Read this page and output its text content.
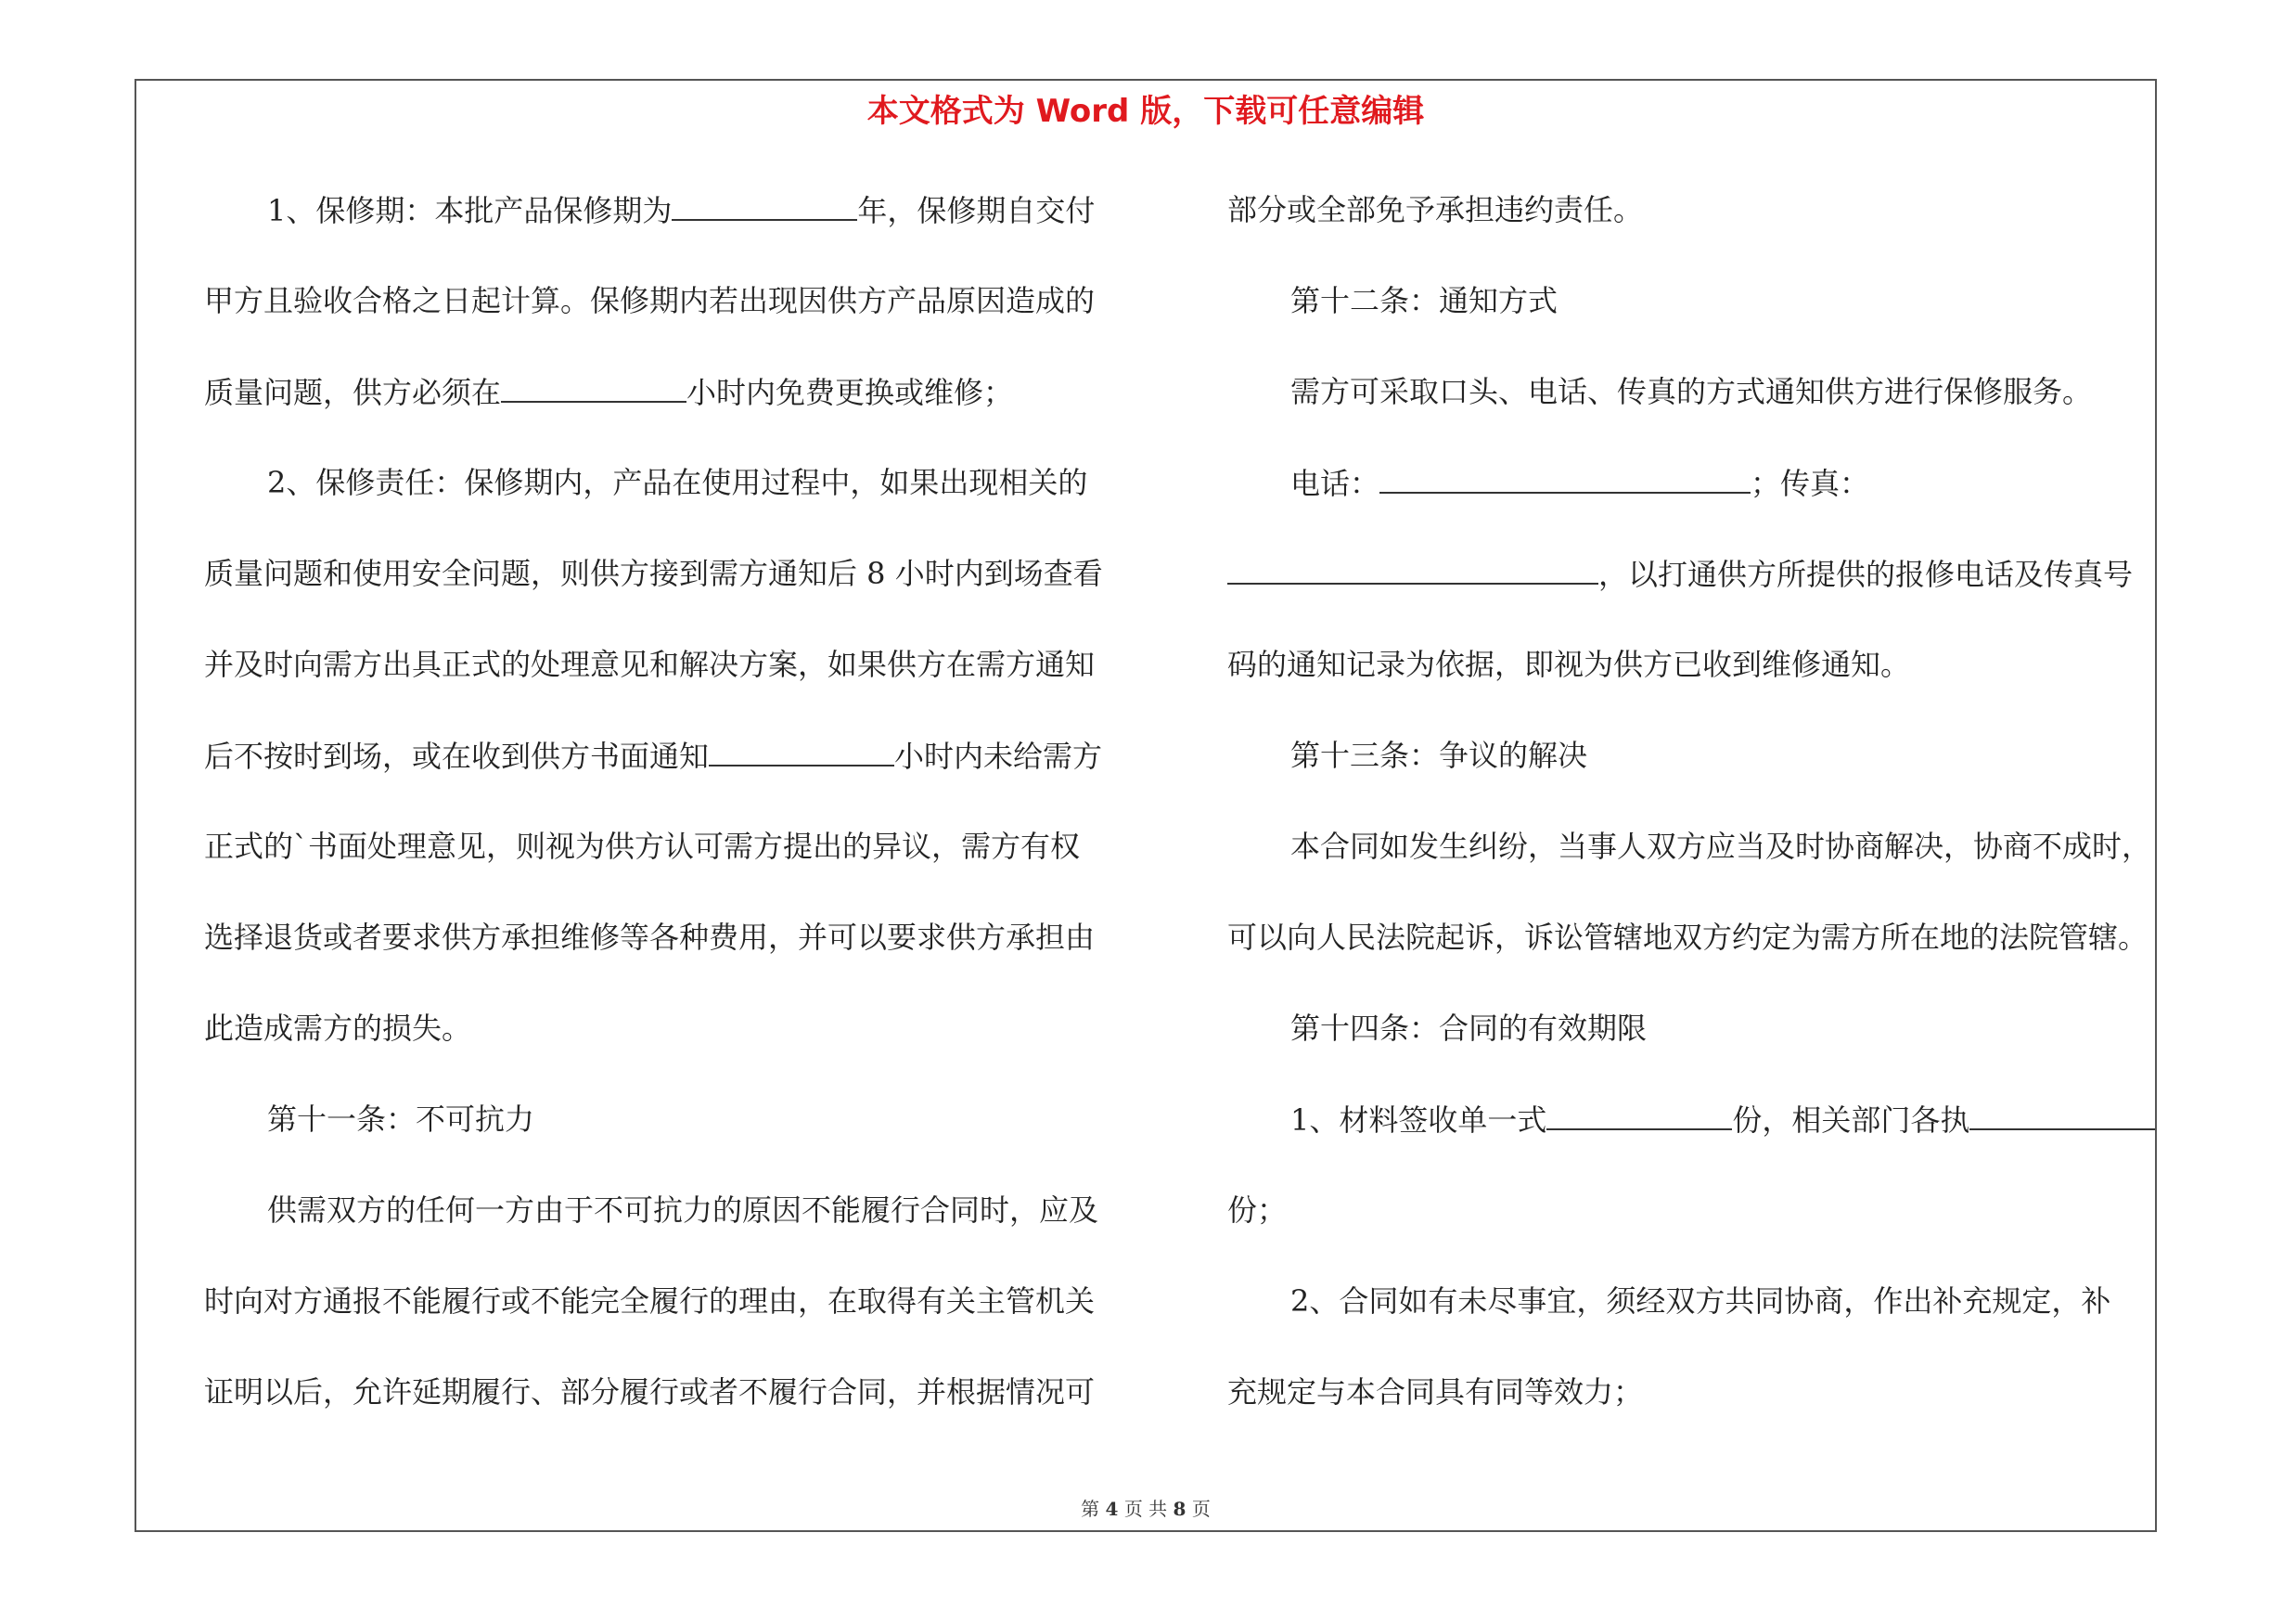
本文格式为 Word 版，下载可任意编辑
1、保修期：本批产品保修期为	年，保修期自交付
甲方且验收合格之日起计算。保修期内若出现因供方产品原因造成的
质量问题，供方必须在	小时内免费更换或维修；
2、保修责任：保修期内，产品在使用过程中，如果出现相关的
质量问题和使用安全问题，则供方接到需方通知后 8 小时内到场查看
并及时向需方出具正式的处理意见和解决方案，如果供方在需方通知
后不按时到场，或在收到供方书面通知	小时内未给需方
正式的`书面处理意见，则视为供方认可需方提出的异议，需方有权
选择退货或者要求供方承担维修等各种费用，并可以要求供方承担由
此造成需方的损失。
第十一条：不可抗力
供需双方的任何一方由于不可抗力的原因不能履行合同时，应及
时向对方通报不能履行或不能完全履行的理由，在取得有关主管机关
证明以后，允许延期履行、部分履行或者不履行合同，并根据情况可
部分或全部免予承担违约责任。
第十二条：通知方式
需方可采取口头、电话、传真的方式通知供方进行保修服务。
电话：	；传真：
，以打通供方所提供的报修电话及传真号
码的通知记录为依据，即视为供方已收到维修通知。
第十三条：争议的解决
本合同如发生纠纷，当事人双方应当及时协商解决，协商不成时，
可以向人民法院起诉，诉讼管辖地双方约定为需方所在地的法院管辖。
第十四条：合同的有效期限
1、材料签收单一式	份，相关部门各执
份；
2、合同如有未尽事宜，须经双方共同协商，作出补充规定，补
充规定与本合同具有同等效力；
第 4 页 共 8 页
